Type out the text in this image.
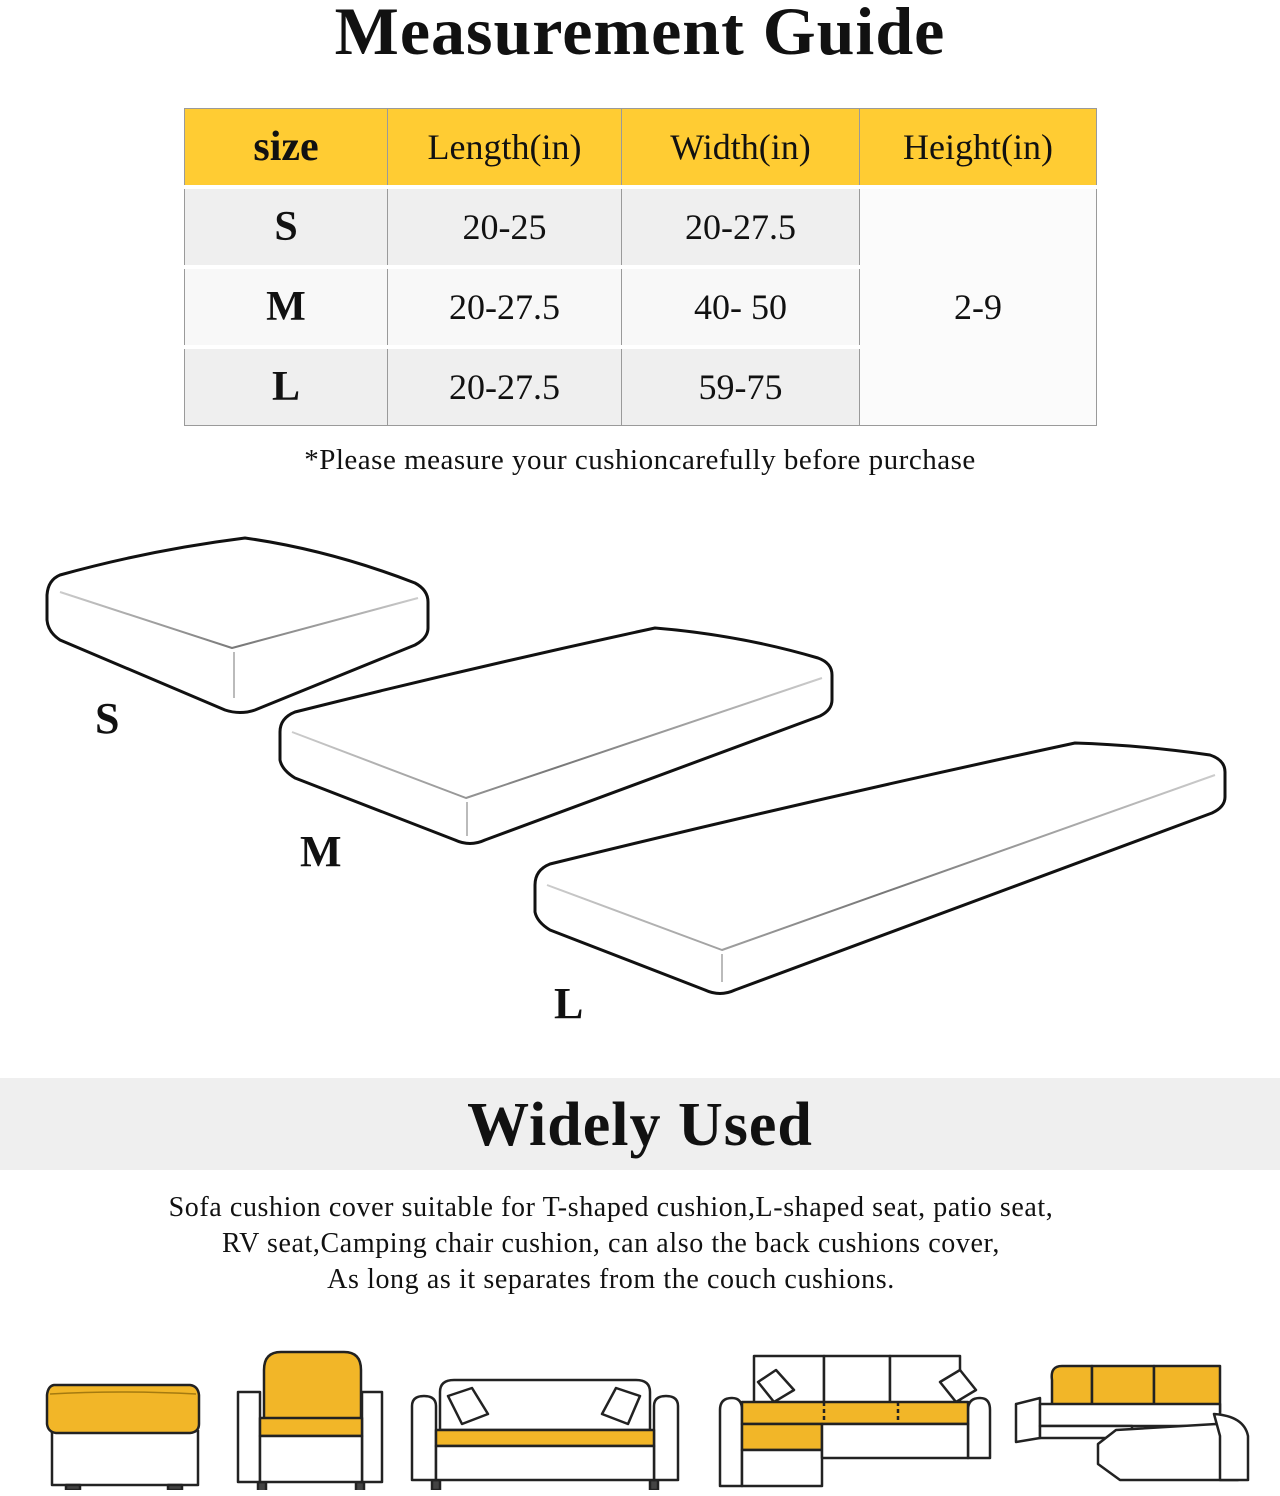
Measurement Guide
size	Length(in)	Width(in)	Height(in)
S	20-25	20-27.5	2-9
M	20-27.5	40- 50	
L	20-27.5	59-75	
*Please measure your cushioncarefully before purchase
S
M
L
Widely Used
Sofa cushion cover suitable for T-shaped cushion,L-shaped seat, patio seat,
RV seat,Camping chair cushion, can also the back cushions cover,
As long as it separates from the couch cushions.
